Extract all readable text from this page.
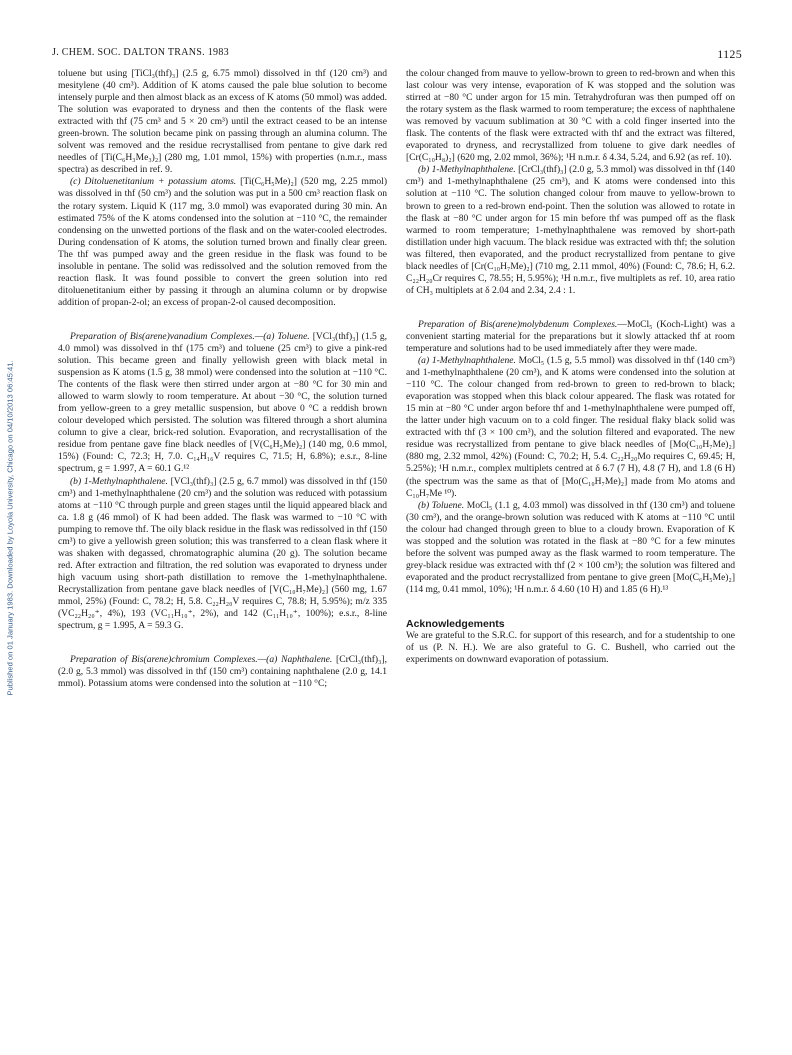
J. CHEM. SOC. DALTON TRANS. 1983	1125
Published on 01 January 1983. Downloaded by Loyola University, Chicago on 04/10/2013 06:45:41.

toluene but using [TiCl₃(thf)₃] (2.5 g, 6.75 mmol) dissolved in thf (120 cm³) and mesitylene (40 cm³). Addition of K atoms caused the pale blue solution to become intensely purple and then almost black as an excess of K atoms (50 mmol) was added. The solution was evaporated to dryness and then the contents of the flask were extracted with thf (75 cm³ and 5 × 20 cm³) until the extract ceased to be an intense green-brown. The solution became pink on passing through an alumina column. The solvent was removed and the residue recrystallised from pentane to give dark red needles of [Ti(C₆H₃Me₃)₂] (280 mg, 1.01 mmol, 15%) with properties (n.m.r., mass spectra) as described in ref. 9.

(c) Ditoluenetitanium + potassium atoms. [Ti(C₆H₅Me)₂] (520 mg, 2.25 mmol) was dissolved in thf (50 cm³) and the solution was put in a 500 cm³ reaction flask on the rotary system. Liquid K (117 mg, 3.0 mmol) was evaporated during 30 min. An estimated 75% of the K atoms condensed into the solution at −110 °C, the remainder condensing on the unwetted portions of the flask and on the water-cooled electrodes. During condensation of K atoms, the solution turned brown and finally clear green. The thf was pumped away and the green residue in the flask was found to be insoluble in pentane. The solid was redissolved and the solution removed from the reaction flask. It was found possible to convert the green solution into red ditoluenetitanium either by passing it through an alumina column or by dropwise addition of propan-2-ol; an excess of propan-2-ol caused decomposition.

Preparation of Bis(arene)vanadium Complexes.—(a) Toluene. [VCl₃(thf)₃] (1.5 g, 4.0 mmol) was dissolved in thf (175 cm³) and toluene (25 cm³) to give a pink-red solution. This became green and finally yellowish green with black metal in suspension as K atoms (1.5 g, 38 mmol) were condensed into the solution at −110 °C. The contents of the flask were then stirred under argon at −80 °C for 30 min and allowed to warm slowly to room temperature. At about −30 °C, the solution turned from yellow-green to a grey metallic suspension, but above 0 °C a reddish brown colour developed which persisted. The solution was filtered through a short alumina column to give a clear, brick-red solution. Evaporation, and recrystallisation of the residue from pentane gave fine black needles of [V(C₆H₅Me)₂] (140 mg, 0.6 mmol, 15%) (Found: C, 72.3; H, 7.0. C₁₄H₁₆V requires C, 71.5; H, 6.8%); e.s.r., 8-line spectrum, g = 1.997, A = 60.1 G.¹²

(b) 1-Methylnaphthalene. [VCl₃(thf)₃] (2.5 g, 6.7 mmol) was dissolved in thf (150 cm³) and 1-methylnaphthalene (20 cm³) and the solution was reduced with potassium atoms at −110 °C through purple and green stages until the liquid appeared black and ca. 1.8 g (46 mmol) of K had been added. The flask was warmed to −10 °C with pumping to remove thf. The oily black residue in the flask was redissolved in thf (150 cm³) to give a yellowish green solution; this was transferred to a clean flask where it was shaken with degassed, chromatographic alumina (20 g). The solution became red. After extraction and filtration, the red solution was evaporated to dryness under high vacuum using short-path distillation to remove the 1-methylnaphthalene. Recrystallization from pentane gave black needles of [V(C₁₀H₇Me)₂] (560 mg, 1.67 mmol, 25%) (Found: C, 78.2; H, 5.8. C₂₂H₂₀V requires C, 78.8; H, 5.95%); m/z 335 (VC₂₂H₂₀⁺, 4%), 193 (VC₁₁H₁₀⁺, 2%), and 142 (C₁₁H₁₀⁺, 100%); e.s.r., 8-line spectrum, g = 1.995, A = 59.3 G.

Preparation of Bis(arene)chromium Complexes.—(a) Naphthalene. [CrCl₃(thf)₃], (2.0 g, 5.3 mmol) was dissolved in thf (150 cm³) containing naphthalene (2.0 g, 14.1 mmol). Potassium atoms were condensed into the solution at −110 °C;

the colour changed from mauve to yellow-brown to green to red-brown and when this last colour was very intense, evaporation of K was stopped and the solution was stirred at −80 °C under argon for 15 min. Tetrahydrofuran was then pumped off on the rotary system as the flask warmed to room temperature; the excess of naphthalene was removed by vacuum sublimation at 30 °C with a cold finger inserted into the flask. The contents of the flask were extracted with thf and the extract was filtered, evaporated to dryness, and recrystallized from toluene to give dark needles of [Cr(C₁₀H₈)₂] (620 mg, 2.02 mmol, 36%); ¹H n.m.r. δ 4.34, 5.24, and 6.92 (as ref. 10).

(b) 1-Methylnaphthalene. [CrCl₃(thf)₃] (2.0 g, 5.3 mmol) was dissolved in thf (140 cm³) and 1-methylnaphthalene (25 cm³), and K atoms were condensed into this solution at −110 °C. The solution changed colour from mauve to yellow-brown to brown to green to a red-brown end-point. Then the solution was allowed to rotate in the flask at −80 °C under argon for 15 min before thf was pumped off as the flask warmed to room temperature; 1-methylnaphthalene was removed by short-path distillation under high vacuum. The black residue was extracted with thf; the solution was filtered, then evaporated, and the product recrystallized from pentane to give black needles of [Cr(C₁₀H₇Me)₂] (710 mg, 2.11 mmol, 40%) (Found: C, 78.6; H, 6.2. C₂₂H₂₀Cr requires C, 78.55; H, 5.95%); ¹H n.m.r., five multiplets as ref. 10, area ratio of CH₃ multiplets at δ 2.04 and 2.34, 2.4 : 1.

Preparation of Bis(arene)molybdenum Complexes.—MoCl₅ (Koch-Light) was a convenient starting material for the preparations but it slowly attacked thf at room temperature and solutions had to be used immediately after they were made.

(a) 1-Methylnaphthalene. MoCl₅ (1.5 g, 5.5 mmol) was dissolved in thf (140 cm³) and 1-methylnaphthalene (20 cm³), and K atoms were condensed into the solution at −110 °C. The colour changed from red-brown to green to red-brown to black; evaporation was stopped when this black colour appeared. The flask was rotated for 15 min at −80 °C under argon before thf and 1-methylnaphthalene were pumped off, the latter under high vacuum on to a cold finger. The residual flaky black solid was extracted with thf (3 × 100 cm³), and the solution filtered and evaporated. The new residue was recrystallized from pentane to give black needles of [Mo(C₁₀H₇Me)₂] (880 mg, 2.32 mmol, 42%) (Found: C, 70.2; H, 5.4. C₂₂H₂₀Mo requires C, 69.45; H, 5.25%); ¹H n.m.r., complex multiplets centred at δ 6.7 (7 H), 4.8 (7 H), and 1.8 (6 H) (the spectrum was the same as that of [Mo(C₁₀H₇Me)₂] made from Mo atoms and C₁₀H₇Me ¹⁰).

(b) Toluene. MoCl₅ (1.1 g, 4.03 mmol) was dissolved in thf (130 cm³) and toluene (30 cm³), and the orange-brown solution was reduced with K atoms at −110 °C until the colour had changed through green to blue to a cloudy brown. Evaporation of K was stopped and the solution was rotated in the flask at −80 °C for a few minutes before the solvent was pumped away as the flask warmed to room temperature. The grey-black residue was extracted with thf (2 × 100 cm³); the solution was filtered and evaporated and the product recrystallized from pentane to give green [Mo(C₆H₅Me)₂] (114 mg, 0.41 mmol, 10%); ¹H n.m.r. δ 4.60 (10 H) and 1.85 (6 H).¹³

Acknowledgements

We are grateful to the S.R.C. for support of this research, and for a studentship to one of us (P. N. H.). We are also grateful to G. C. Bushell, who carried out the experiments on downward evaporation of potassium.
